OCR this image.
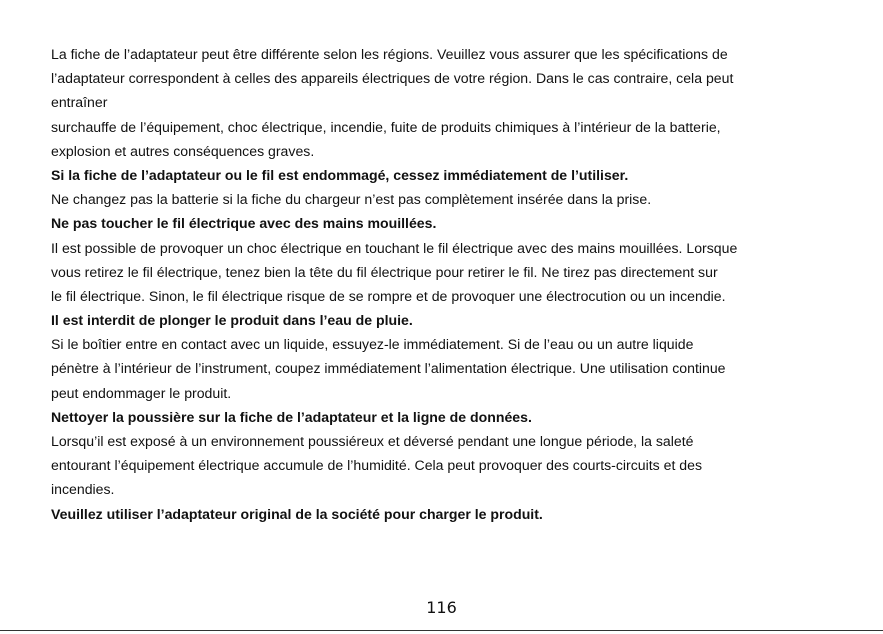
La fiche de l’adaptateur peut être différente selon les régions. Veuillez vous assurer que les spécifications de
l’adaptateur correspondent à celles des appareils électriques de votre région. Dans le cas contraire, cela peut
entraîner
surchauffe de l’équipement, choc électrique, incendie, fuite de produits chimiques à l’intérieur de la batterie,
explosion et autres conséquences graves.
Si la fiche de l’adaptateur ou le fil est endommagé, cessez immédiatement de l’utiliser.
Ne changez pas la batterie si la fiche du chargeur n’est pas complètement insérée dans la prise.
Ne pas toucher le fil électrique avec des mains mouillées.
Il est possible de provoquer un choc électrique en touchant le fil électrique avec des mains mouillées. Lorsque
vous retirez le fil électrique, tenez bien la tête du fil électrique pour retirer le fil. Ne tirez pas directement sur
le fil électrique. Sinon, le fil électrique risque de se rompre et de provoquer une électrocution ou un incendie.
Il est interdit de plonger le produit dans l’eau de pluie.
Si le boîtier entre en contact avec un liquide, essuyez-le immédiatement. Si de l’eau ou un autre liquide
pénètre à l’intérieur de l’instrument, coupez immédiatement l’alimentation électrique. Une utilisation continue
peut endommager le produit.
Nettoyer la poussière sur la fiche de l’adaptateur et la ligne de données.
Lorsqu’il est exposé à un environnement poussiéreux et déversé pendant une longue période, la saleté
entourant l’équipement électrique accumule de l’humidité. Cela peut provoquer des courts-circuits et des
incendies.
Veuillez utiliser l’adaptateur original de la société pour charger le produit.
116
